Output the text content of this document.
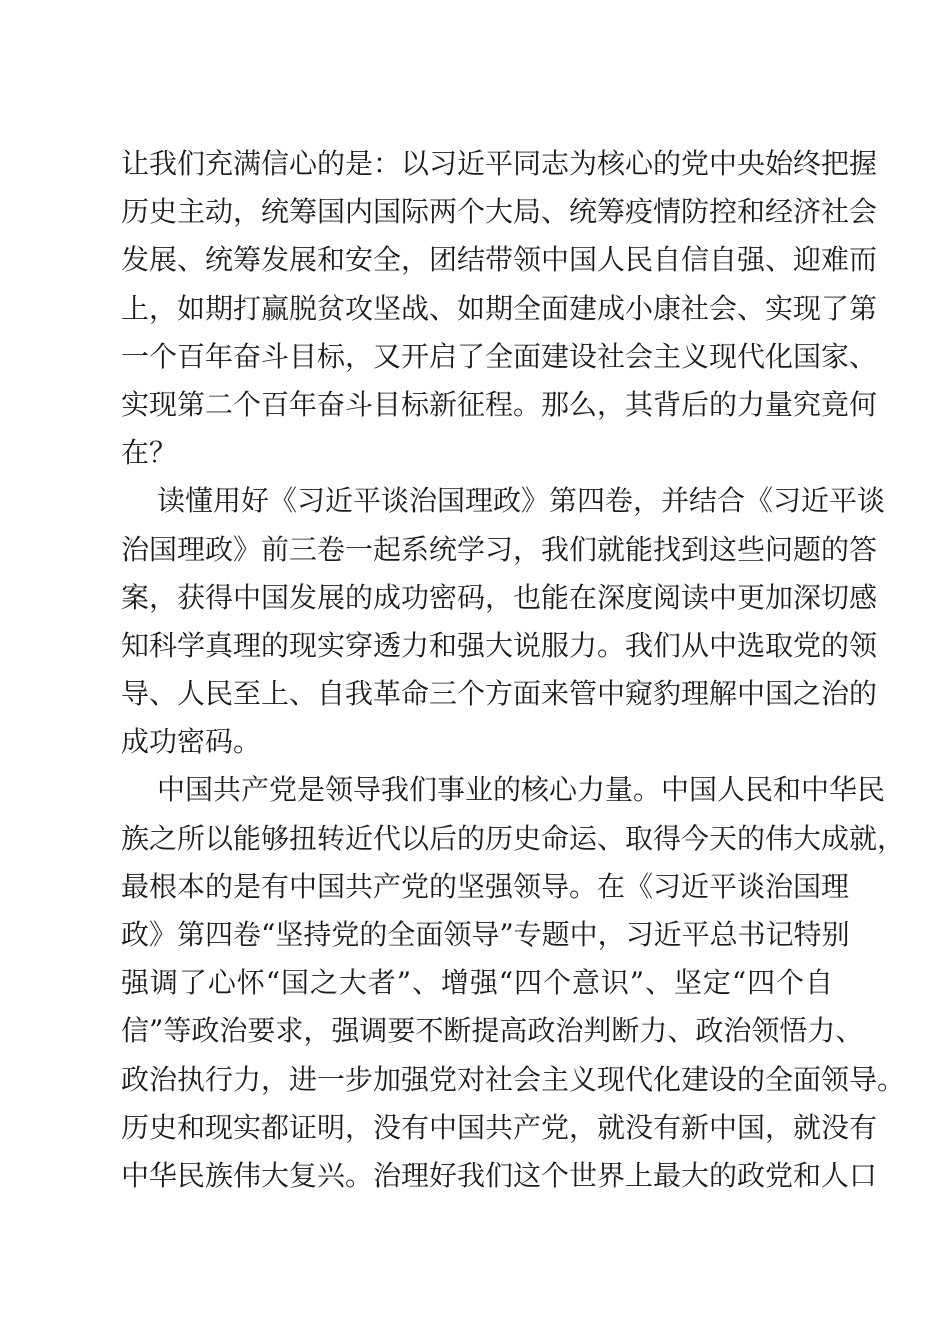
让我们充满信心的是：以习近平同志为核心的党中央始终把握
历史主动，统筹国内国际两个大局、统筹疫情防控和经济社会
发展、统筹发展和安全，团结带领中国人民自信自强、迎难而
上，如期打赢脱贫攻坚战、如期全面建成小康社会、实现了第
一个百年奋斗目标，又开启了全面建设社会主义现代化国家、
实现第二个百年奋斗目标新征程。那么，其背后的力量究竟何
在？
读懂用好《习近平谈治国理政》第四卷，并结合《习近平谈
治国理政》前三卷一起系统学习，我们就能找到这些问题的答
案，获得中国发展的成功密码，也能在深度阅读中更加深切感
知科学真理的现实穿透力和强大说服力。我们从中选取党的领
导、人民至上、自我革命三个方面来管中窥豹理解中国之治的
成功密码。
中国共产党是领导我们事业的核心力量。中国人民和中华民
族之所以能够扭转近代以后的历史命运、取得今天的伟大成就，
最根本的是有中国共产党的坚强领导。在《习近平谈治国理
政》第四卷“坚持党的全面领导”专题中，习近平总书记特别
强调了心怀“国之大者”、增强“四个意识”、坚定“四个自
信”等政治要求，强调要不断提高政治判断力、政治领悟力、
政治执行力，进一步加强党对社会主义现代化建设的全面领导。
历史和现实都证明，没有中国共产党，就没有新中国，就没有
中华民族伟大复兴。治理好我们这个世界上最大的政党和人口
